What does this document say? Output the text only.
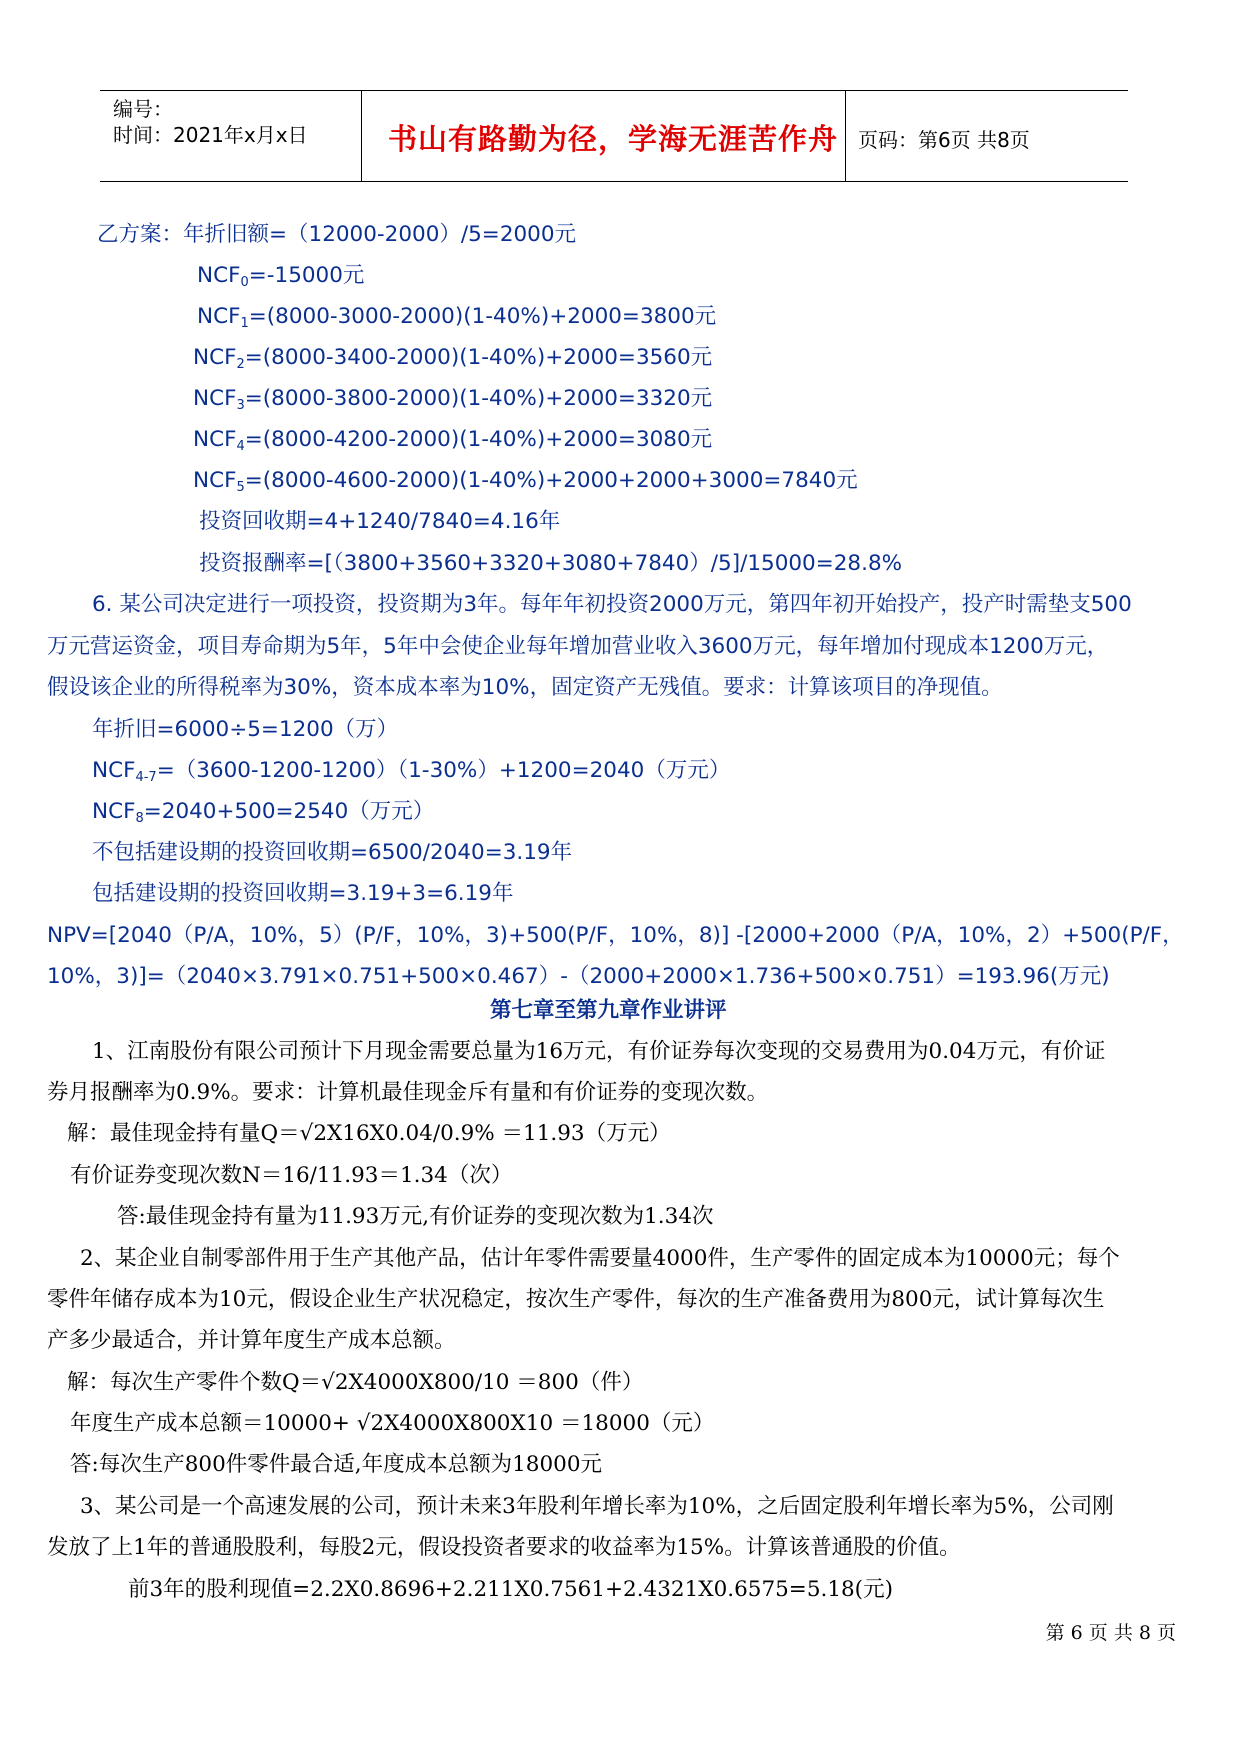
编号：
时间：2021年x月x日	书山有路勤为径，学海无涯苦作舟 页码：第6页 共8页
乙方案：年折旧额=（12000-2000）/5=2000元
$NCF_0=-15000$元
$NCF_1=(8000-3000-2000)(1-40\%)+2000=3800$元
$NCF_2=(8000-3400-2000)(1-40\%)+2000=3560$元
$NCF_3=(8000-3800-2000)(1-40\%)+2000=3320$元
$NCF_4=(8000-4200-2000)(1-40\%)+2000=3080$元
$NCF_5=(8000-4600-2000)(1-40\%)+2000+2000+3000=7840$元
投资回收期=4+1240/7840=4.16年
投资报酬率=[（3800+3560+3320+3080+7840）/5]/15000=28.8%
6. 某公司决定进行一项投资，投资期为3年。每年年初投资2000万元，第四年初开始投产，投产时需垫支500
万元营运资金，项目寿命期为5年，5年中会使企业每年增加营业收入3600万元，每年增加付现成本1200万元，
假设该企业的所得税率为30%，资本成本率为10%，固定资产无残值。要求：计算该项目的净现值。
年折旧=6000÷5=1200（万）
$NCF_{4-7}=(3600-1200-1200)(1-30\%)+1200=2040$（万元）
$NCF_8=2040+500=2540$（万元）
不包括建设期的投资回收期=6500/2040=3.19年
包括建设期的投资回收期=3.19+3=6.19年
NPV=[2040（P/A，10%，5）(P/F，10%，3)+500(P/F，10%，8)] -[2000+2000（P/A，10%，2）+500(P/F，
10%，3)]=（2040×3.791×0.751+500×0.467）-（2000+2000×1.736+500×0.751）=193.96(万元)
第七章至第九章作业讲评
1、江南股份有限公司预计下月现金需要总量为16万元，有价证券每次变现的交易费用为0.04万元，有价证
券月报酬率为0.9%。要求：计算机最佳现金斥有量和有价证券的变现次数。
解：最佳现金持有量Q＝√2X16X0.04/0.9% ＝11.93（万元）
有价证券变现次数N＝16/11.93＝1.34（次）
答:最佳现金持有量为11.93万元,有价证券的变现次数为1.34次
2、某企业自制零部件用于生产其他产品，估计年零件需要量4000件，生产零件的固定成本为10000元；每个
零件年储存成本为10元，假设企业生产状况稳定，按次生产零件，每次的生产准备费用为800元，试计算每次生
产多少最适合，并计算年度生产成本总额。
解：每次生产零件个数Q＝√2X4000X800/10 ＝800（件）
年度生产成本总额＝10000+ √2X4000X800X10 ＝18000（元）
答:每次生产800件零件最合适,年度成本总额为18000元
3、某公司是一个高速发展的公司，预计未来3年股利年增长率为10%，之后固定股利年增长率为5%，公司刚
发放了上1年的普通股股利，每股2元，假设投资者要求的收益率为15%。计算该普通股的价值。
前3年的股利现值=2.2X0.8696+2.211X0.7561+2.4321X0.6575=5.18(元)
第 6 页 共 8 页
